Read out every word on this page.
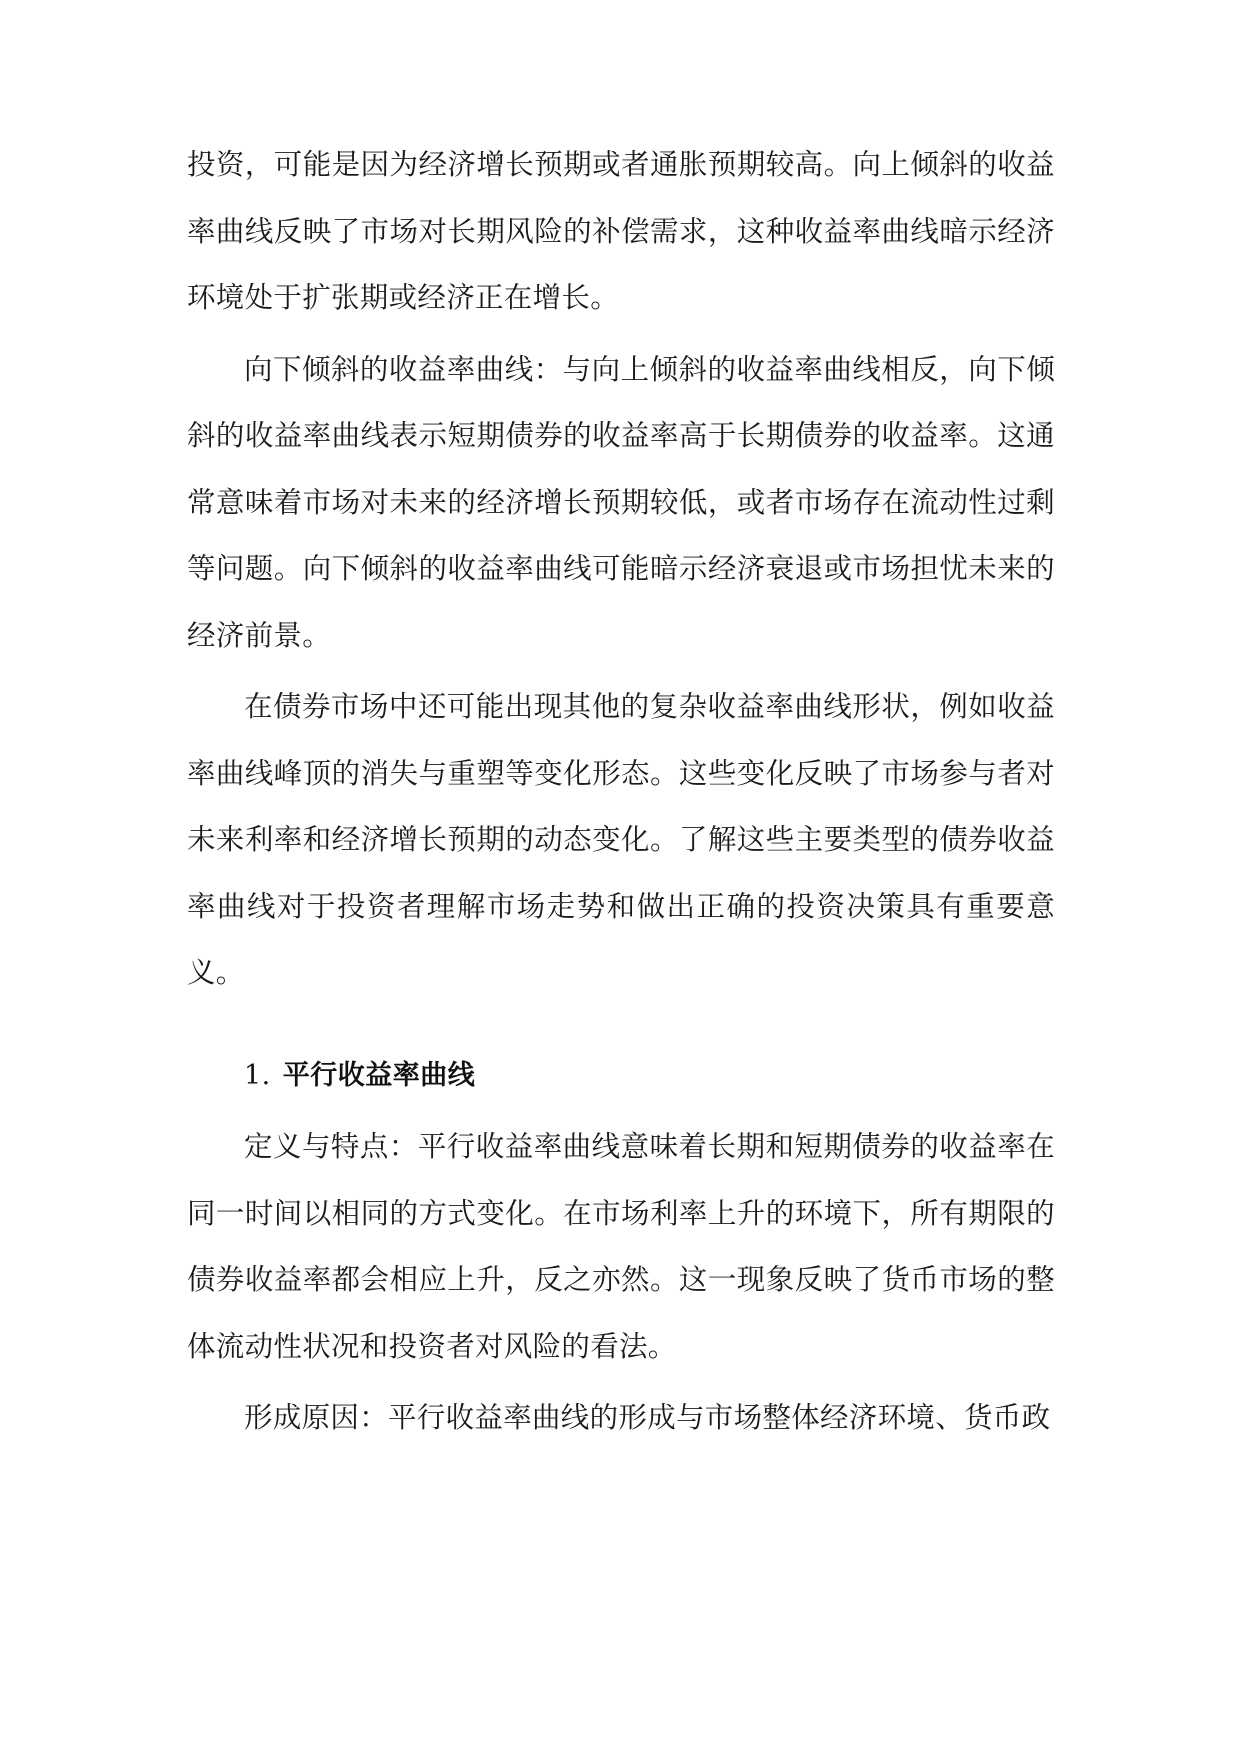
投资，可能是因为经济增长预期或者通胀预期较高。向上倾斜的收益率曲线反映了市场对长期风险的补偿需求，这种收益率曲线暗示经济环境处于扩张期或经济正在增长。

向下倾斜的收益率曲线：与向上倾斜的收益率曲线相反，向下倾斜的收益率曲线表示短期债券的收益率高于长期债券的收益率。这通常意味着市场对未来的经济增长预期较低，或者市场存在流动性过剩等问题。向下倾斜的收益率曲线可能暗示经济衰退或市场担忧未来的经济前景。

在债券市场中还可能出现其他的复杂收益率曲线形状，例如收益率曲线峰顶的消失与重塑等变化形态。这些变化反映了市场参与者对未来利率和经济增长预期的动态变化。了解这些主要类型的债券收益率曲线对于投资者理解市场走势和做出正确的投资决策具有重要意义。

1. 平行收益率曲线

定义与特点：平行收益率曲线意味着长期和短期债券的收益率在同一时间以相同的方式变化。在市场利率上升的环境下，所有期限的债券收益率都会相应上升，反之亦然。这一现象反映了货币市场的整体流动性状况和投资者对风险的看法。

形成原因：平行收益率曲线的形成与市场整体经济环境、货币政
